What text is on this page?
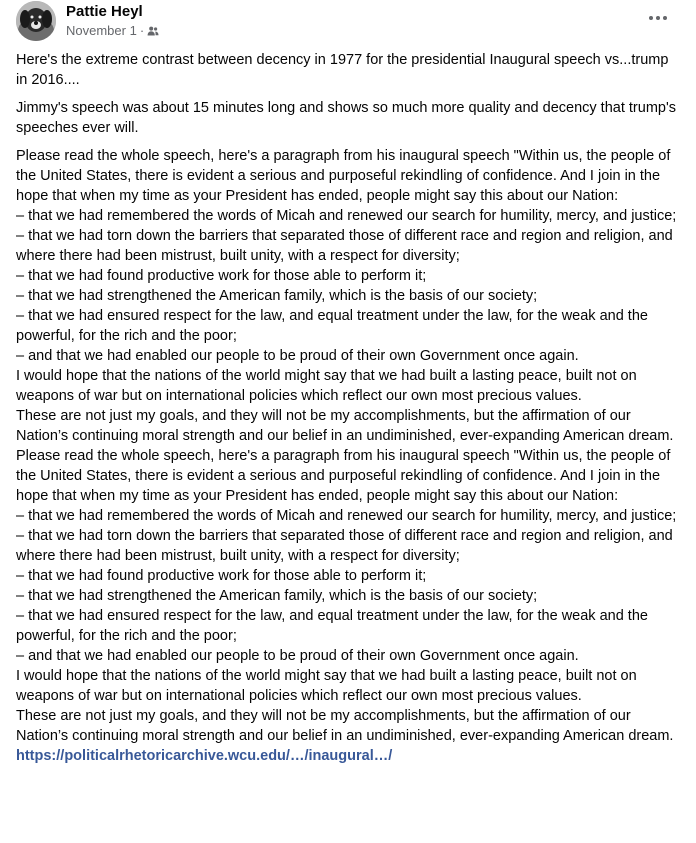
Pattie Heyl
November 1 ·

Here's the extreme contrast between decency in 1977 for the presidential Inaugural speech vs...trump in 2016....

Jimmy's speech was about 15 minutes long and shows so much more quality and decency that trump's speeches ever will.

Please read the whole speech, here's a paragraph from his inaugural speech "Within us, the people of the United States, there is evident a serious and purposeful rekindling of confidence. And I join in the hope that when my time as your President has ended, people might say this about our Nation:
– that we had remembered the words of Micah and renewed our search for humility, mercy, and justice;
– that we had torn down the barriers that separated those of different race and region and religion, and where there had been mistrust, built unity, with a respect for diversity;
– that we had found productive work for those able to perform it;
– that we had strengthened the American family, which is the basis of our society;
– that we had ensured respect for the law, and equal treatment under the law, for the weak and the powerful, for the rich and the poor;
– and that we had enabled our people to be proud of their own Government once again.
I would hope that the nations of the world might say that we had built a lasting peace, built not on weapons of war but on international policies which reflect our own most precious values.
These are not just my goals, and they will not be my accomplishments, but the affirmation of our Nation’s continuing moral strength and our belief in an undiminished, ever-expanding American dream.  Please read the whole speech, here's a paragraph from his inaugural speech "Within us, the people of the United States, there is evident a serious and purposeful rekindling of confidence. And I join in the hope that when my time as your President has ended, people might say this about our Nation:
– that we had remembered the words of Micah and renewed our search for humility, mercy, and justice;
– that we had torn down the barriers that separated those of different race and region and religion, and where there had been mistrust, built unity, with a respect for diversity;
– that we had found productive work for those able to perform it;
– that we had strengthened the American family, which is the basis of our society;
– that we had ensured respect for the law, and equal treatment under the law, for the weak and the powerful, for the rich and the poor;
– and that we had enabled our people to be proud of their own Government once again.
I would hope that the nations of the world might say that we had built a lasting peace, built not on weapons of war but on international policies which reflect our own most precious values.
These are not just my goals, and they will not be my accomplishments, but the affirmation of our Nation’s continuing moral strength and our belief in an undiminished, ever-expanding American dream.  https://politicalrhetoricarchive.wcu.edu/…/inaugural…/
